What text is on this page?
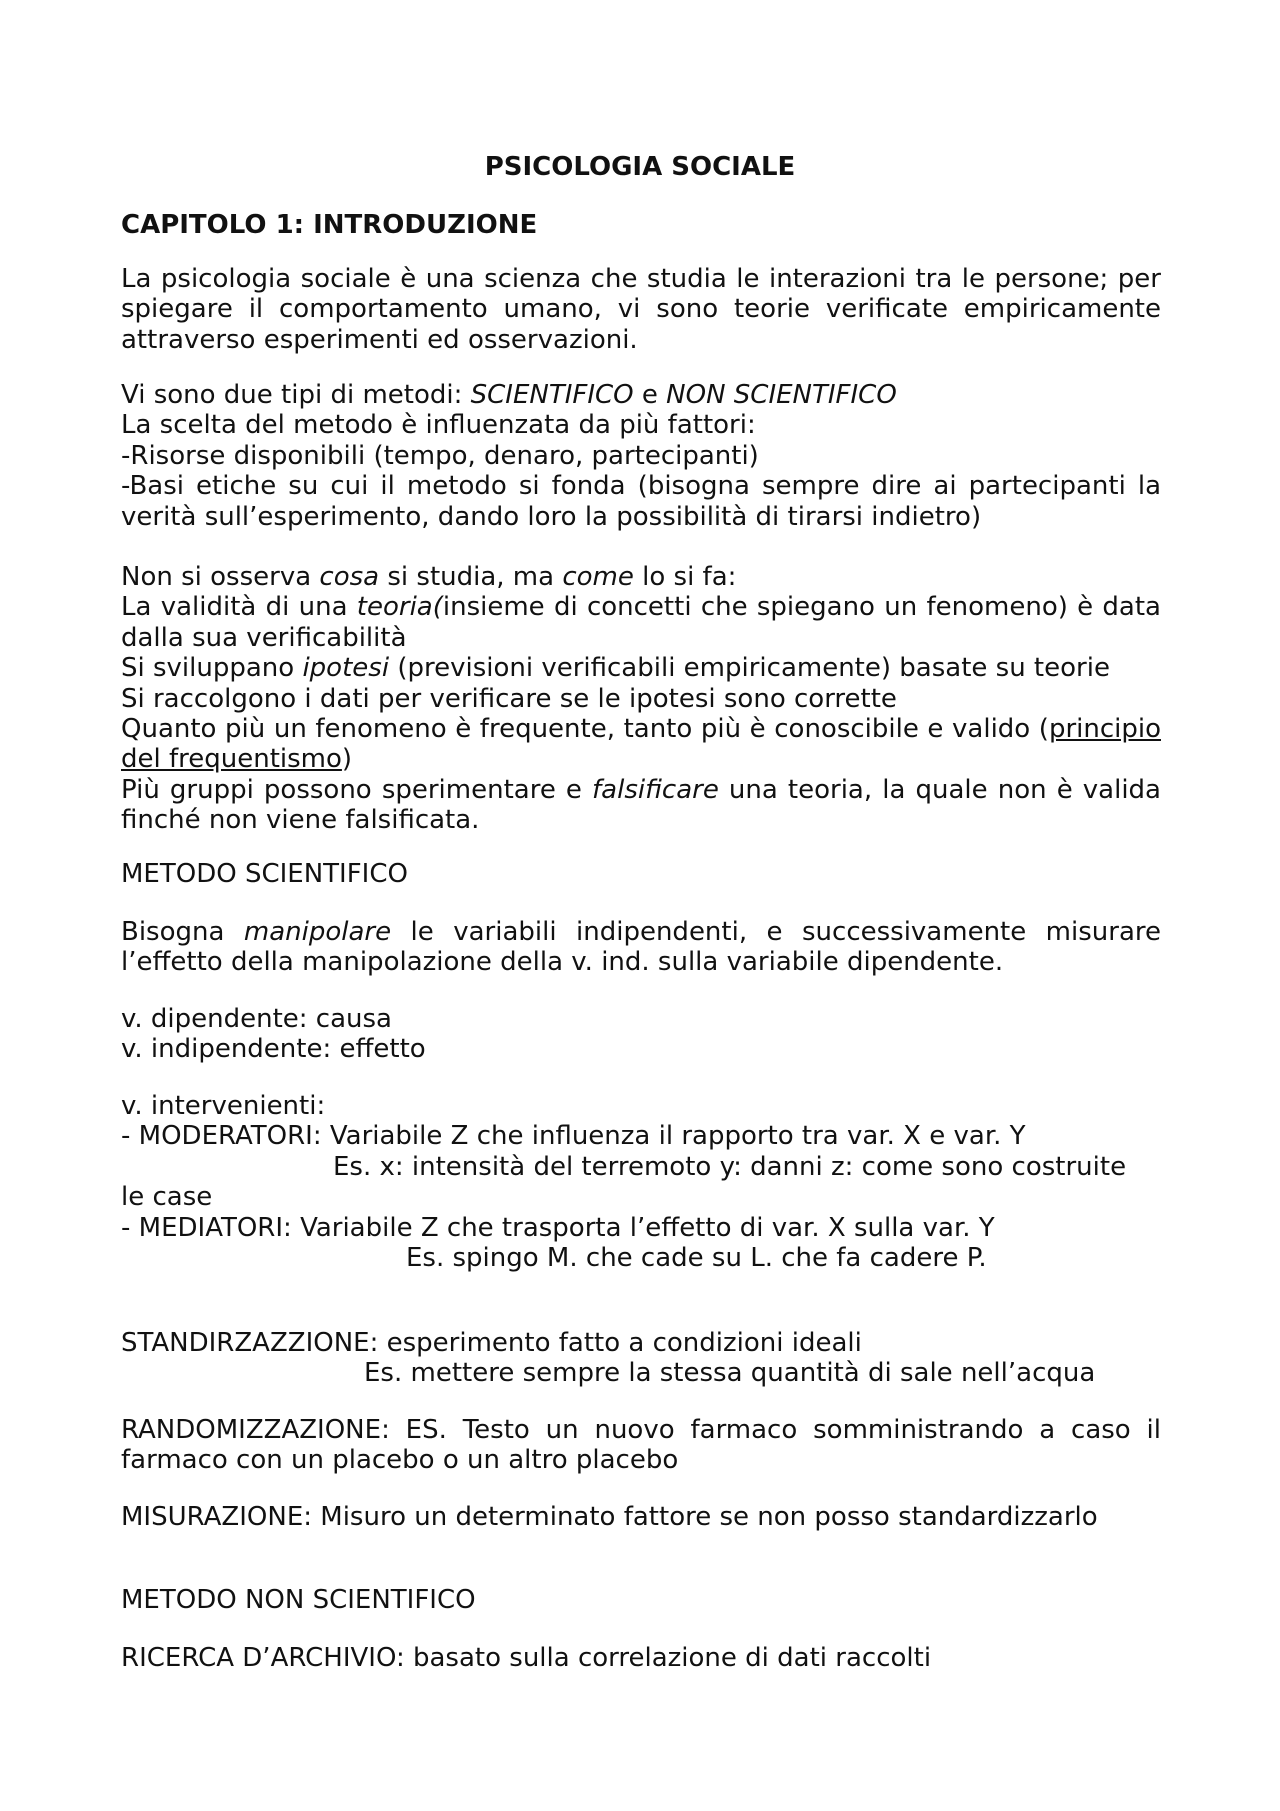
PSICOLOGIA SOCIALE

CAPITOLO 1: INTRODUZIONE

La psicologia sociale è una scienza che studia le interazioni tra le persone; per spiegare il comportamento umano, vi sono teorie verificate empiricamente attraverso esperimenti ed osservazioni.

Vi sono due tipi di metodi: SCIENTIFICO e NON SCIENTIFICO

La scelta del metodo è influenzata da più fattori:

-Risorse disponibili (tempo, denaro, partecipanti)

-Basi etiche su cui il metodo si fonda (bisogna sempre dire ai partecipanti la verità sull’esperimento, dando loro la possibilità di tirarsi indietro)

Non si osserva cosa si studia, ma come lo si fa:

La validità di una teoria(insieme di concetti che spiegano un fenomeno) è data dalla sua verificabilità

Si sviluppano ipotesi (previsioni verificabili empiricamente) basate su teorie

Si raccolgono i dati per verificare se le ipotesi sono corrette

Quanto più un fenomeno è frequente, tanto più è conoscibile e valido (principio del frequentismo)

Più gruppi possono sperimentare e falsificare una teoria, la quale non è valida finché non viene falsificata.

METODO SCIENTIFICO

Bisogna manipolare le variabili indipendenti, e successivamente misurare l’effetto della manipolazione della v. ind. sulla variabile dipendente.

v. dipendente: causa

v. indipendente: effetto

v. intervenienti:

- MODERATORI: Variabile Z che influenza il rapporto tra var. X e var. Y

Es. x: intensità del terremoto y: danni z: come sono costruite

le case

- MEDIATORI: Variabile Z che trasporta l’effetto di var. X sulla var. Y

Es. spingo M. che cade su L. che fa cadere P.

STANDIRZAZZIONE: esperimento fatto a condizioni ideali

Es. mettere sempre la stessa quantità di sale nell’acqua

RANDOMIZZAZIONE: ES. Testo un nuovo farmaco somministrando a caso il farmaco con un placebo o un altro placebo

MISURAZIONE: Misuro un determinato fattore se non posso standardizzarlo

METODO NON SCIENTIFICO

RICERCA D’ARCHIVIO: basato sulla correlazione di dati raccolti
